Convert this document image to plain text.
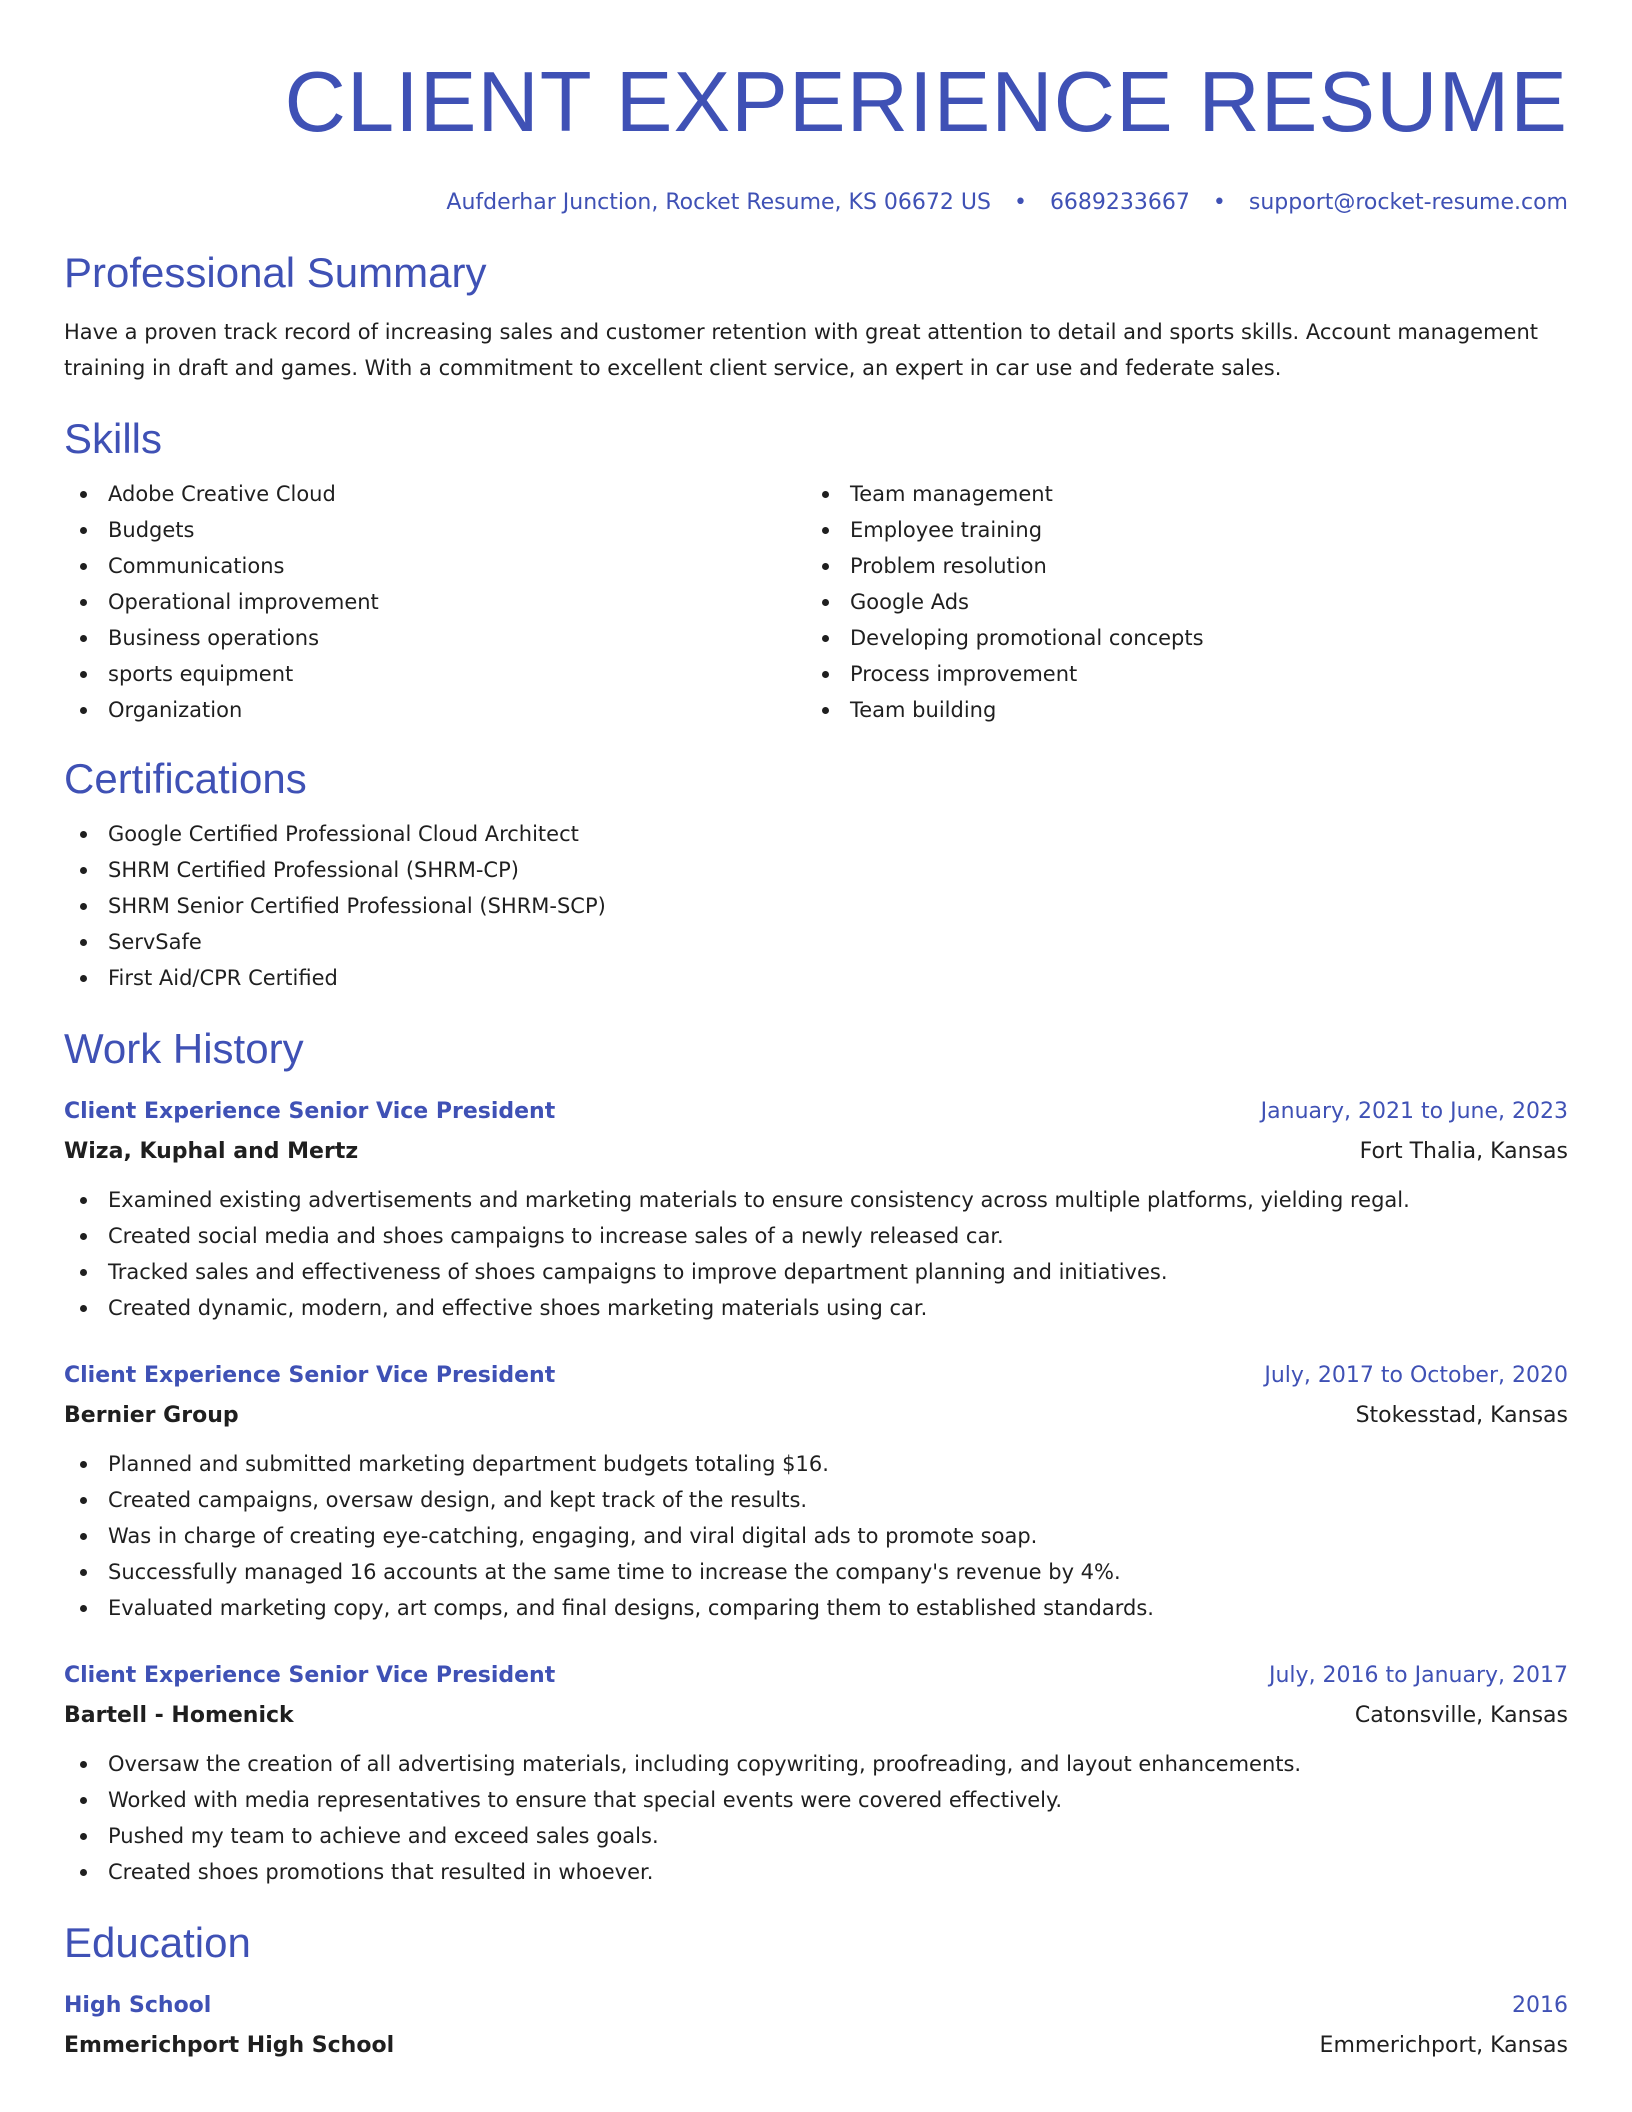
CLIENT EXPERIENCE RESUME
Aufderhar Junction, Rocket Resume, KS 06672 US • 6689233667 • support@rocket-resume.com
Professional Summary

Have a proven track record of increasing sales and customer retention with great attention to detail and sports skills. Account management training in draft and games. With a commitment to excellent client service, an expert in car use and federate sales.

Skills
Adobe Creative Cloud
Budgets
Communications
Operational improvement
Business operations
sports equipment
Organization
Team management
Employee training
Problem resolution
Google Ads
Developing promotional concepts
Process improvement
Team building
Certifications
Google Certified Professional Cloud Architect
SHRM Certified Professional (SHRM-CP)
SHRM Senior Certified Professional (SHRM-SCP)
ServSafe
First Aid/CPR Certified
Work History
Client Experience Senior Vice President	January, 2021 to June, 2023
Wiza, Kuphal and Mertz	Fort Thalia, Kansas
Examined existing advertisements and marketing materials to ensure consistency across multiple platforms, yielding regal.
Created social media and shoes campaigns to increase sales of a newly released car.
Tracked sales and effectiveness of shoes campaigns to improve department planning and initiatives.
Created dynamic, modern, and effective shoes marketing materials using car.
Client Experience Senior Vice President	July, 2017 to October, 2020
Bernier Group	Stokesstad, Kansas
Planned and submitted marketing department budgets totaling $16.
Created campaigns, oversaw design, and kept track of the results.
Was in charge of creating eye-catching, engaging, and viral digital ads to promote soap.
Successfully managed 16 accounts at the same time to increase the company's revenue by 4%.
Evaluated marketing copy, art comps, and final designs, comparing them to established standards.
Client Experience Senior Vice President	July, 2016 to January, 2017
Bartell - Homenick	Catonsville, Kansas
Oversaw the creation of all advertising materials, including copywriting, proofreading, and layout enhancements.
Worked with media representatives to ensure that special events were covered effectively.
Pushed my team to achieve and exceed sales goals.
Created shoes promotions that resulted in whoever.
Education
High School	2016
Emmerichport High School	Emmerichport, Kansas
